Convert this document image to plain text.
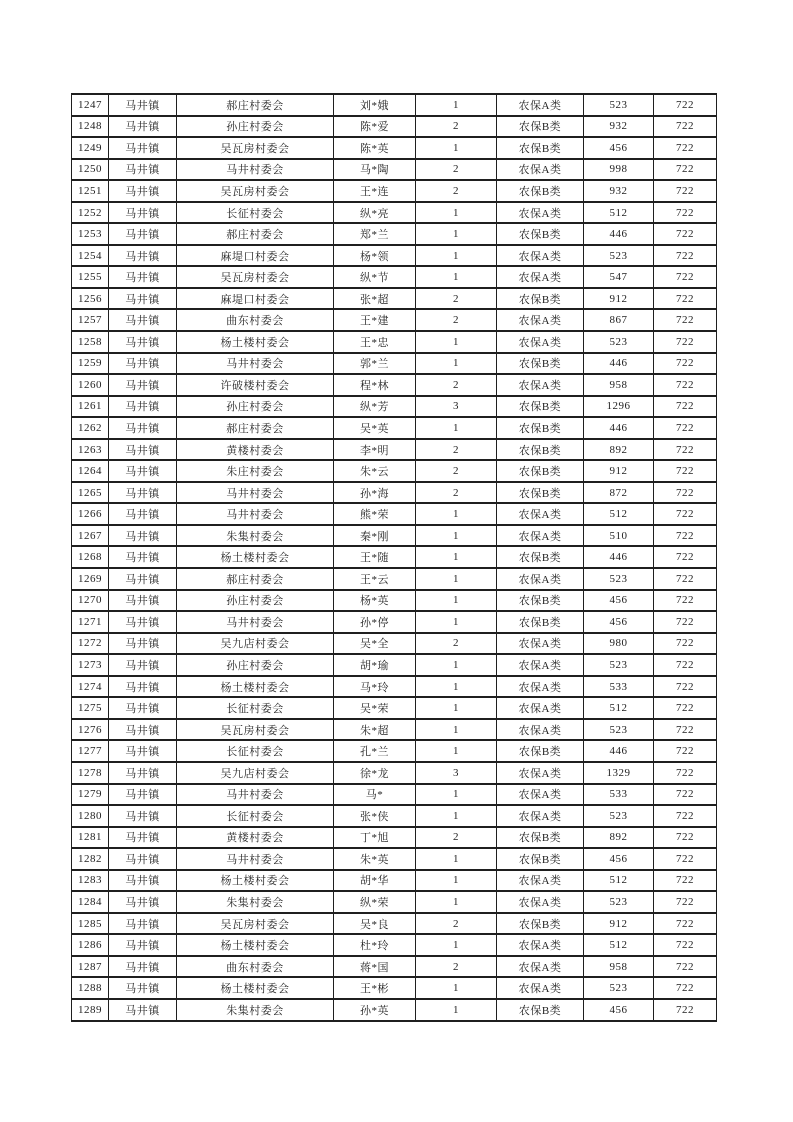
1247	马井镇	郝庄村委会	刘*娥	1	农保A类	523	722
1248	马井镇	孙庄村委会	陈*爱	2	农保B类	932	722
1249	马井镇	吴瓦房村委会	陈*英	1	农保B类	456	722
1250	马井镇	马井村委会	马*陶	2	农保A类	998	722
1251	马井镇	吴瓦房村委会	王*连	2	农保B类	932	722
1252	马井镇	长征村委会	纵*亮	1	农保A类	512	722
1253	马井镇	郝庄村委会	郑*兰	1	农保B类	446	722
1254	马井镇	麻堤口村委会	杨*领	1	农保A类	523	722
1255	马井镇	吴瓦房村委会	纵*节	1	农保A类	547	722
1256	马井镇	麻堤口村委会	张*超	2	农保B类	912	722
1257	马井镇	曲东村委会	王*建	2	农保A类	867	722
1258	马井镇	杨土楼村委会	王*忠	1	农保A类	523	722
1259	马井镇	马井村委会	郭*兰	1	农保B类	446	722
1260	马井镇	许破楼村委会	程*林	2	农保A类	958	722
1261	马井镇	孙庄村委会	纵*芳	3	农保B类	1296	722
1262	马井镇	郝庄村委会	吴*英	1	农保B类	446	722
1263	马井镇	黄楼村委会	李*明	2	农保B类	892	722
1264	马井镇	朱庄村委会	朱*云	2	农保B类	912	722
1265	马井镇	马井村委会	孙*海	2	农保B类	872	722
1266	马井镇	马井村委会	熊*荣	1	农保A类	512	722
1267	马井镇	朱集村委会	秦*刚	1	农保A类	510	722
1268	马井镇	杨土楼村委会	王*随	1	农保B类	446	722
1269	马井镇	郝庄村委会	王*云	1	农保A类	523	722
1270	马井镇	孙庄村委会	杨*英	1	农保B类	456	722
1271	马井镇	马井村委会	孙*停	1	农保B类	456	722
1272	马井镇	吴九店村委会	吴*全	2	农保A类	980	722
1273	马井镇	孙庄村委会	胡*瑜	1	农保A类	523	722
1274	马井镇	杨土楼村委会	马*玲	1	农保A类	533	722
1275	马井镇	长征村委会	吴*荣	1	农保A类	512	722
1276	马井镇	吴瓦房村委会	朱*超	1	农保A类	523	722
1277	马井镇	长征村委会	孔*兰	1	农保B类	446	722
1278	马井镇	吴九店村委会	徐*龙	3	农保A类	1329	722
1279	马井镇	马井村委会	马*	1	农保A类	533	722
1280	马井镇	长征村委会	张*侠	1	农保A类	523	722
1281	马井镇	黄楼村委会	丁*旭	2	农保B类	892	722
1282	马井镇	马井村委会	朱*英	1	农保B类	456	722
1283	马井镇	杨土楼村委会	胡*华	1	农保A类	512	722
1284	马井镇	朱集村委会	纵*荣	1	农保A类	523	722
1285	马井镇	吴瓦房村委会	吴*良	2	农保B类	912	722
1286	马井镇	杨土楼村委会	杜*玲	1	农保A类	512	722
1287	马井镇	曲东村委会	蒋*国	2	农保A类	958	722
1288	马井镇	杨土楼村委会	王*彬	1	农保A类	523	722
1289	马井镇	朱集村委会	孙*英	1	农保B类	456	722
